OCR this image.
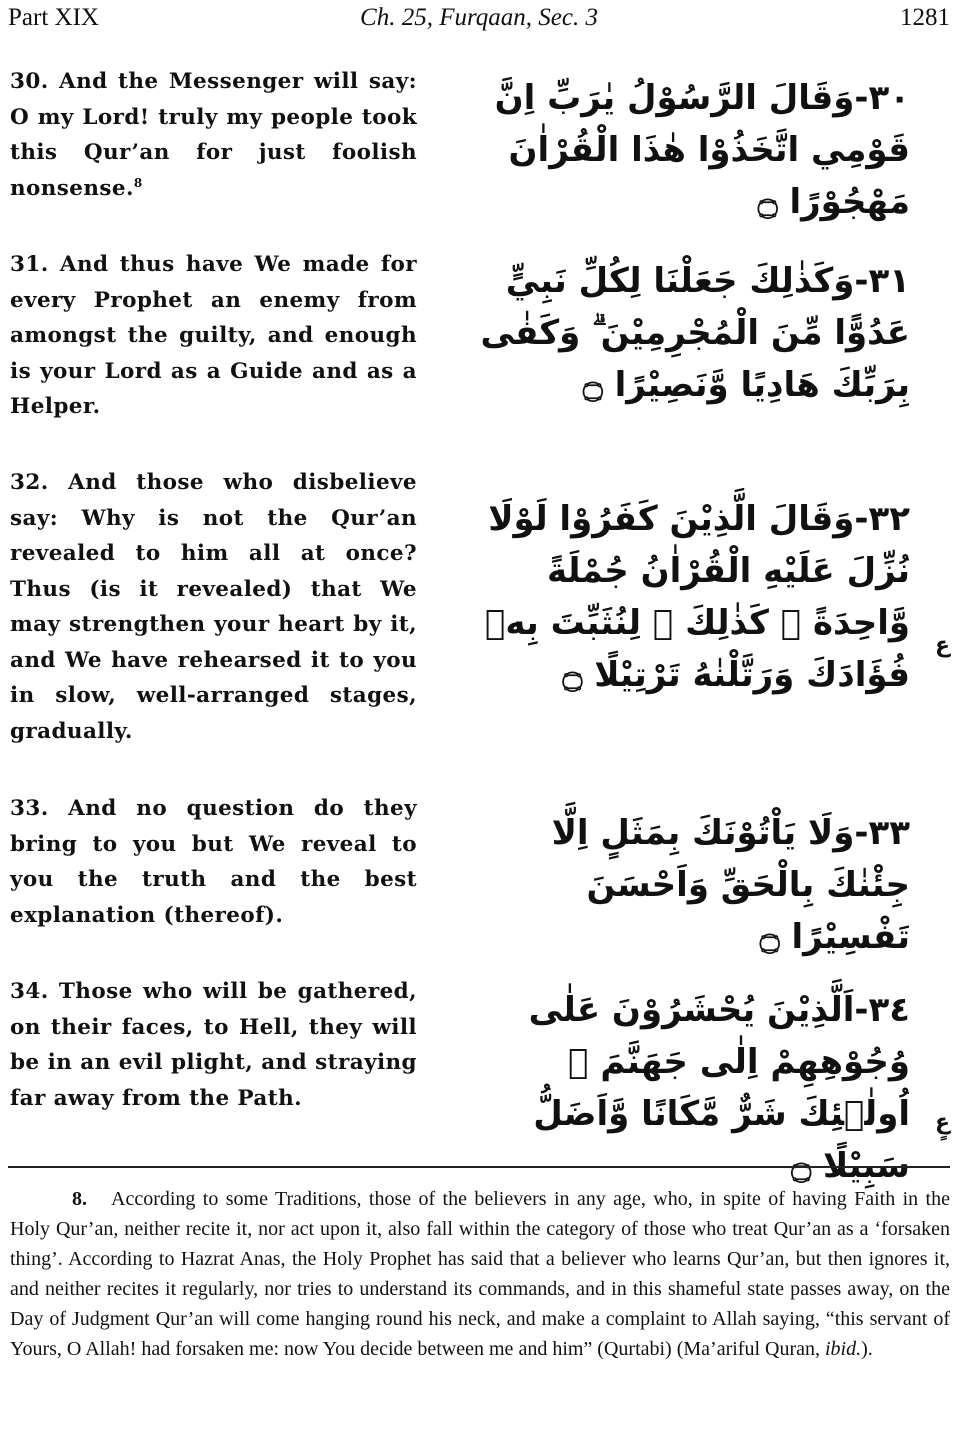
Part XIX	Ch. 25, Furqaan, Sec. 3	1281
30. And the Messenger will say: O my Lord! truly my people took this Qur’an for just foolish nonsense.$^8$
٣٠-وَقَالَ الرَّسُوْلُ يٰرَبِّ اِنَّ قَوْمِي اتَّخَذُوْا هٰذَا الْقُرْاٰنَ مَهْجُوْرًا ۝
31. And thus have We made for every Prophet an enemy from amongst the guilty, and enough is your Lord as a Guide and as a Helper.
٣١-وَكَذٰلِكَ جَعَلْنَا لِكُلِّ نَبِيٍّ عَدُوًّا مِّنَ الْمُجْرِمِيْنَ ۗ وَكَفٰى بِرَبِّكَ هَادِيًا وَّنَصِيْرًا ۝
32. And those who disbelieve say: Why is not the Qur’an revealed to him all at once? Thus (is it revealed) that We may strengthen your heart by it, and We have rehearsed it to you in slow, well-arranged stages, gradually.
٣٢-وَقَالَ الَّذِيْنَ كَفَرُوْا لَوْلَا نُزِّلَ عَلَيْهِ الْقُرْاٰنُ جُمْلَةً وَّاحِدَةً ۚ كَذٰلِكَ ۚ لِنُثَبِّتَ بِهٖ فُؤَادَكَ وَرَتَّلْنٰهُ تَرْتِيْلًا ۝
ع
33. And no question do they bring to you but We reveal to you the truth and the best explanation (thereof).
٣٣-وَلَا يَاْتُوْنَكَ بِمَثَلٍ اِلَّا جِئْنٰكَ بِالْحَقِّ وَاَحْسَنَ تَفْسِيْرًا ۝
34. Those who will be gathered, on their faces, to Hell, they will be in an evil plight, and straying far away from the Path.
٣٤-اَلَّذِيْنَ يُحْشَرُوْنَ عَلٰى وُجُوْهِهِمْ اِلٰى جَهَنَّمَ ۙ اُولٰۤئِكَ شَرٌّ مَّكَانًا وَّاَضَلُّ سَبِيْلًا ۝
عٍ
8. According to some Traditions, those of the believers in any age, who, in spite of having Faith in the Holy Qur’an, neither recite it, nor act upon it, also fall within the category of those who treat Qur’an as a ‘forsaken thing’. According to Hazrat Anas, the Holy Prophet has said that a believer who learns Qur’an, but then ignores it, and neither recites it regularly, nor tries to understand its commands, and in this shameful state passes away, on the Day of Judgment Qur’an will come hanging round his neck, and make a complaint to Allah saying, “this servant of Yours, O Allah! had forsaken me: now You decide between me and him” (Qurtabi) (Ma’ariful Quran, ibid.).
